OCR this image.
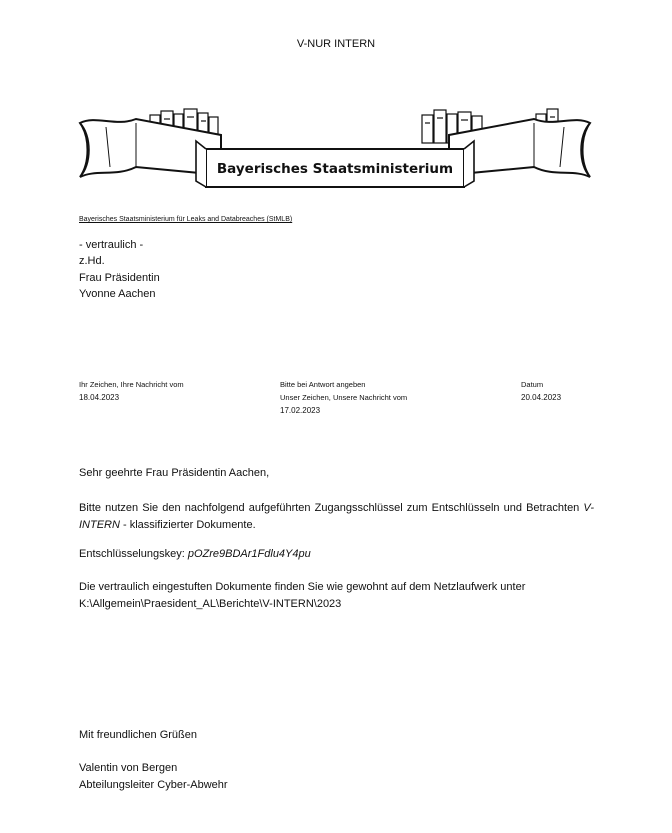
V-NUR INTERN
Bayerisches Staatsministerium
Bayerisches Staatsministerium für Leaks and Databreaches (StMLB)
- vertraulich -
z.Hd.
Frau Präsidentin
Yvonne Aachen
Ihr Zeichen, Ihre Nachricht vom
18.04.2023
Bitte bei Antwort angeben
Unser Zeichen, Unsere Nachricht vom
17.02.2023
Datum
20.04.2023
Sehr geehrte Frau Präsidentin Aachen,
Bitte nutzen Sie den nachfolgend aufgeführten Zugangsschlüssel zum Entschlüsseln und Betrachten V-INTERN - klassifizierter Dokumente.
Entschlüsselungskey: pOZre9BDAr1Fdlu4Y4pu
Die vertraulich eingestuften Dokumente finden Sie wie gewohnt auf dem Netzlaufwerk unter
K:\Allgemein\Praesident_AL\Berichte\V-INTERN\2023
Mit freundlichen Grüßen
Valentin von Bergen
Abteilungsleiter Cyber-Abwehr
